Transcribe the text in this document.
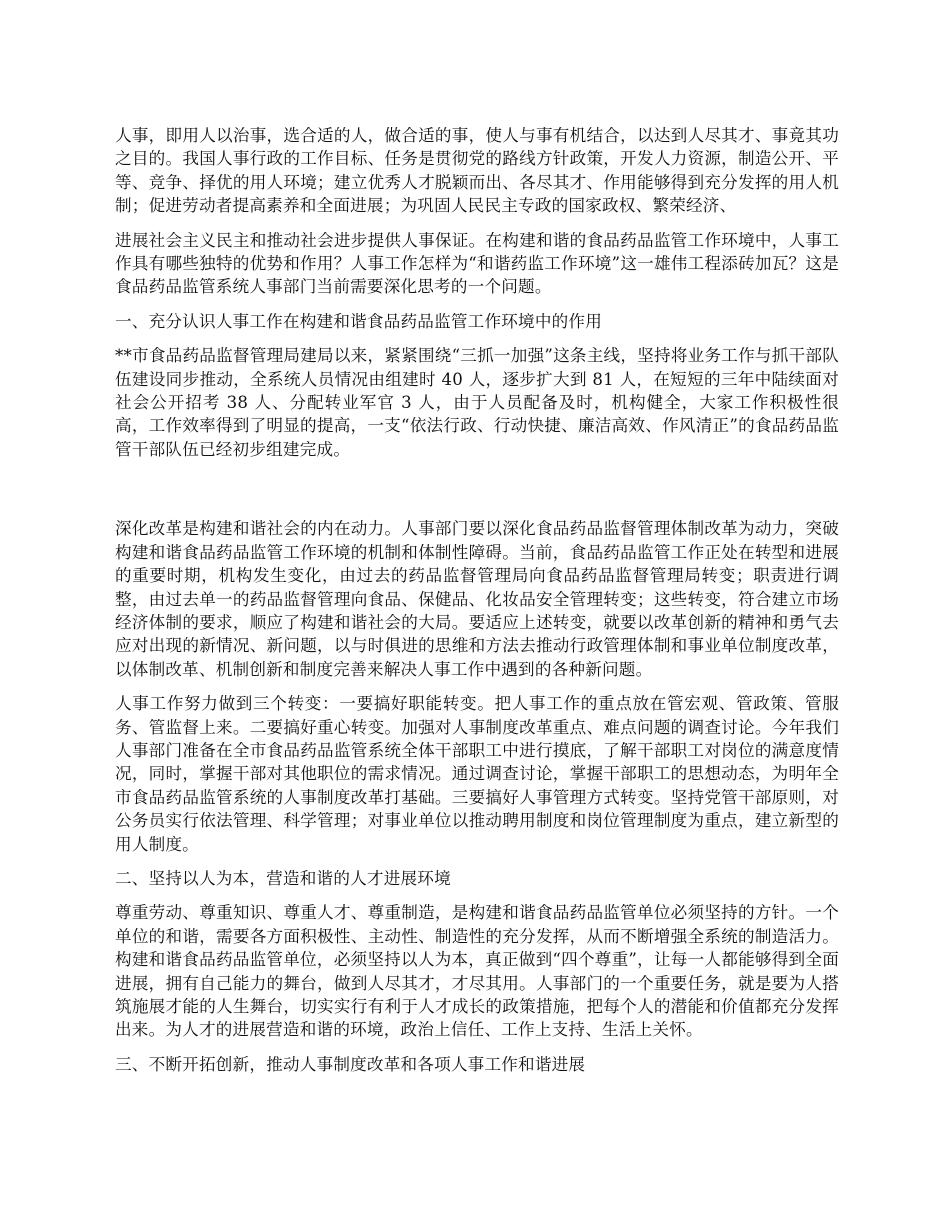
人事，即用人以治事，选合适的人，做合适的事，使人与事有机结合，以达到人尽其才、事竟其功之目的。我国人事行政的工作目标、任务是贯彻党的路线方针政策，开发人力资源，制造公开、平等、竞争、择优的用人环境；建立优秀人才脱颖而出、各尽其才、作用能够得到充分发挥的用人机制；促进劳动者提高素养和全面进展；为巩固人民民主专政的国家政权、繁荣经济、

进展社会主义民主和推动社会进步提供人事保证。在构建和谐的食品药品监管工作环境中，人事工作具有哪些独特的优势和作用？人事工作怎样为“和谐药监工作环境”这一雄伟工程添砖加瓦？这是食品药品监管系统人事部门当前需要深化思考的一个问题。

一、充分认识人事工作在构建和谐食品药品监管工作环境中的作用

**市食品药品监督管理局建局以来，紧紧围绕“三抓一加强”这条主线，坚持将业务工作与抓干部队伍建设同步推动，全系统人员情况由组建时 40 人，逐步扩大到 81 人，在短短的三年中陆续面对社会公开招考 38 人、分配转业军官 3 人，由于人员配备及时，机构健全，大家工作积极性很高，工作效率得到了明显的提高，一支“依法行政、行动快捷、廉洁高效、作风清正”的食品药品监管干部队伍已经初步组建完成。

深化改革是构建和谐社会的内在动力。人事部门要以深化食品药品监督管理体制改革为动力，突破构建和谐食品药品监管工作环境的机制和体制性障碍。当前，食品药品监管工作正处在转型和进展的重要时期，机构发生变化，由过去的药品监督管理局向食品药品监督管理局转变；职责进行调整，由过去单一的药品监督管理向食品、保健品、化妆品安全管理转变；这些转变，符合建立市场经济体制的要求，顺应了构建和谐社会的大局。要适应上述转变，就要以改革创新的精神和勇气去应对出现的新情况、新问题，以与时俱进的思维和方法去推动行政管理体制和事业单位制度改革，以体制改革、机制创新和制度完善来解决人事工作中遇到的各种新问题。

人事工作努力做到三个转变：一要搞好职能转变。把人事工作的重点放在管宏观、管政策、管服务、管监督上来。二要搞好重心转变。加强对人事制度改革重点、难点问题的调查讨论。今年我们人事部门准备在全市食品药品监管系统全体干部职工中进行摸底，了解干部职工对岗位的满意度情况，同时，掌握干部对其他职位的需求情况。通过调查讨论，掌握干部职工的思想动态，为明年全市食品药品监管系统的人事制度改革打基础。三要搞好人事管理方式转变。坚持党管干部原则，对公务员实行依法管理、科学管理；对事业单位以推动聘用制度和岗位管理制度为重点，建立新型的用人制度。

二、坚持以人为本，营造和谐的人才进展环境

尊重劳动、尊重知识、尊重人才、尊重制造，是构建和谐食品药品监管单位必须坚持的方针。一个单位的和谐，需要各方面积极性、主动性、制造性的充分发挥，从而不断增强全系统的制造活力。构建和谐食品药品监管单位，必须坚持以人为本，真正做到“四个尊重”，让每一人都能够得到全面进展，拥有自己能力的舞台，做到人尽其才，才尽其用。人事部门的一个重要任务，就是要为人搭筑施展才能的人生舞台，切实实行有利于人才成长的政策措施，把每个人的潜能和价值都充分发挥出来。为人才的进展营造和谐的环境，政治上信任、工作上支持、生活上关怀。

三、不断开拓创新，推动人事制度改革和各项人事工作和谐进展
